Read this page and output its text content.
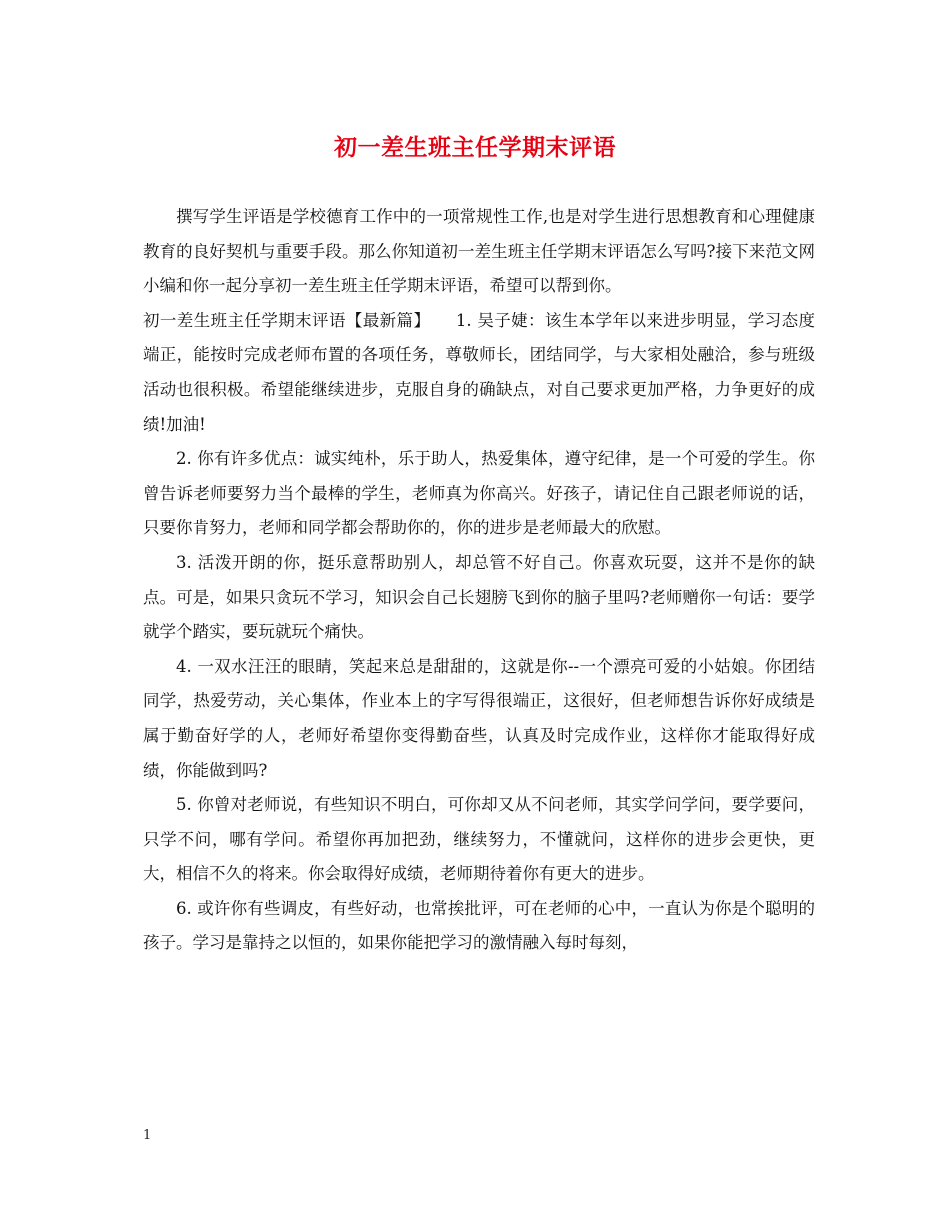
初一差生班主任学期末评语

撰写学生评语是学校德育工作中的一项常规性工作,也是对学生进行思想教育和心理健康教育的良好契机与重要手段。那么你知道初一差生班主任学期末评语怎么写吗?接下来范文网小编和你一起分享初一差生班主任学期末评语，希望可以帮到你。

初一差生班主任学期末评语【最新篇】　　1. 吴子婕：该生本学年以来进步明显，学习态度端正，能按时完成老师布置的各项任务，尊敬师长，团结同学，与大家相处融洽，参与班级活动也很积极。希望能继续进步，克服自身的确缺点，对自己要求更加严格，力争更好的成绩!加油!

2. 你有许多优点：诚实纯朴，乐于助人，热爱集体，遵守纪律，是一个可爱的学生。你曾告诉老师要努力当个最棒的学生，老师真为你高兴。好孩子，请记住自己跟老师说的话，只要你肯努力，老师和同学都会帮助你的，你的进步是老师最大的欣慰。

3. 活泼开朗的你，挺乐意帮助别人，却总管不好自己。你喜欢玩耍，这并不是你的缺点。可是，如果只贪玩不学习，知识会自己长翅膀飞到你的脑子里吗?老师赠你一句话：要学就学个踏实，要玩就玩个痛快。

4. 一双水汪汪的眼睛，笑起来总是甜甜的，这就是你--一个漂亮可爱的小姑娘。你团结同学，热爱劳动，关心集体，作业本上的字写得很端正，这很好，但老师想告诉你好成绩是属于勤奋好学的人，老师好希望你变得勤奋些，认真及时完成作业，这样你才能取得好成绩，你能做到吗?

5. 你曾对老师说，有些知识不明白，可你却又从不问老师，其实学问学问，要学要问，只学不问，哪有学问。希望你再加把劲，继续努力，不懂就问，这样你的进步会更快，更大，相信不久的将来。你会取得好成绩，老师期待着你有更大的进步。

6. 或许你有些调皮，有些好动，也常挨批评，可在老师的心中，一直认为你是个聪明的孩子。学习是靠持之以恒的，如果你能把学习的激情融入每时每刻，

1
